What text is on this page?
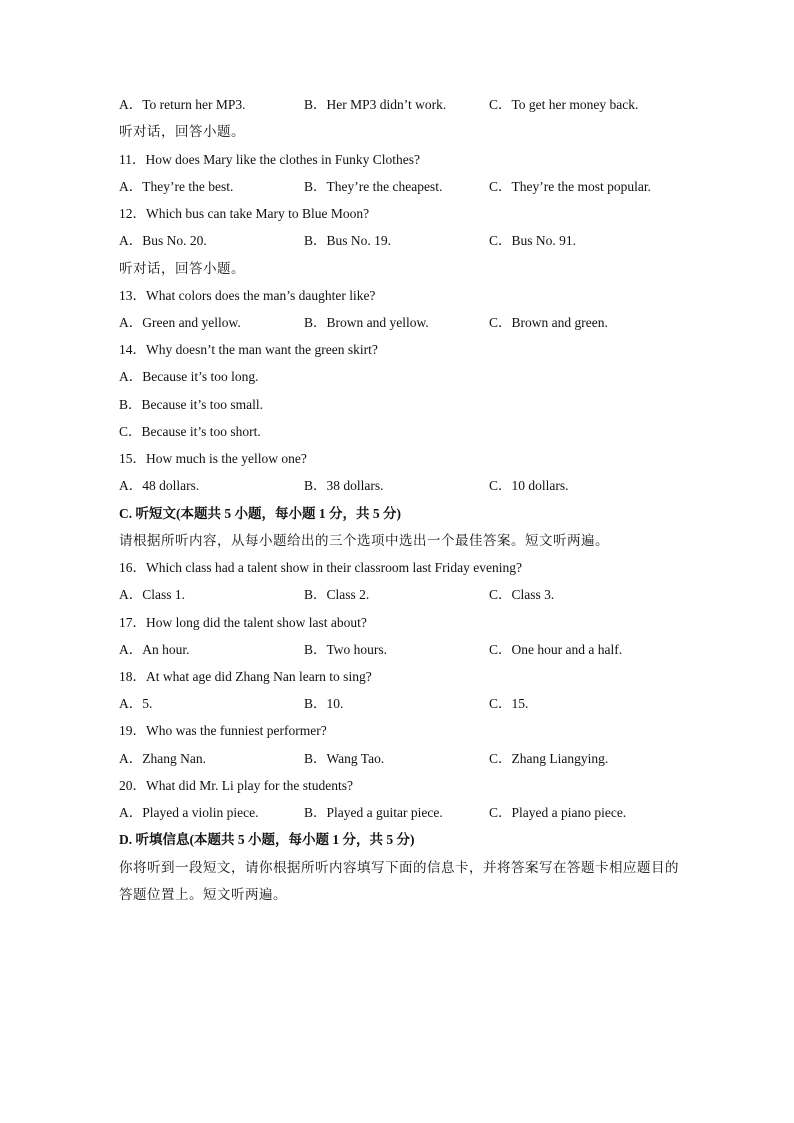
A．To return her MP3.	B．Her MP3 didn’t work.	C．To get her money back.
听对话，回答小题。
11．How does Mary like the clothes in Funky Clothes?
A．They’re the best.	B．They’re the cheapest.	C．They’re the most popular.
12．Which bus can take Mary to Blue Moon?
A．Bus No. 20.	B．Bus No. 19.	C．Bus No. 91.
听对话，回答小题。
13．What colors does the man’s daughter like?
A．Green and yellow.	B．Brown and yellow.	C．Brown and green.
14．Why doesn’t the man want the green skirt?
A．Because it’s too long.
B．Because it’s too small.
C．Because it’s too short.
15．How much is the yellow one?
A．48 dollars.	B．38 dollars.	C．10 dollars.
C. 听短文(本题共 5 小题，每小题 1 分，共 5 分)
请根据所听内容，从每小题给出的三个选项中选出一个最佳答案。短文听两遍。
16．Which class had a talent show in their classroom last Friday evening?
A．Class 1.	B．Class 2.	C．Class 3.
17．How long did the talent show last about?
A．An hour.	B．Two hours.	C．One hour and a half.
18．At what age did Zhang Nan learn to sing?
A．5.	B．10.	C．15.
19．Who was the funniest performer?
A．Zhang Nan.	B．Wang Tao.	C．Zhang Liangying.
20．What did Mr. Li play for the students?
A．Played a violin piece.	B．Played a guitar piece.	C．Played a piano piece.
D. 听填信息(本题共 5 小题，每小题 1 分，共 5 分)
你将听到一段短文，请你根据所听内容填写下面的信息卡，并将答案写在答题卡相应题目的
答题位置上。短文听两遍。
